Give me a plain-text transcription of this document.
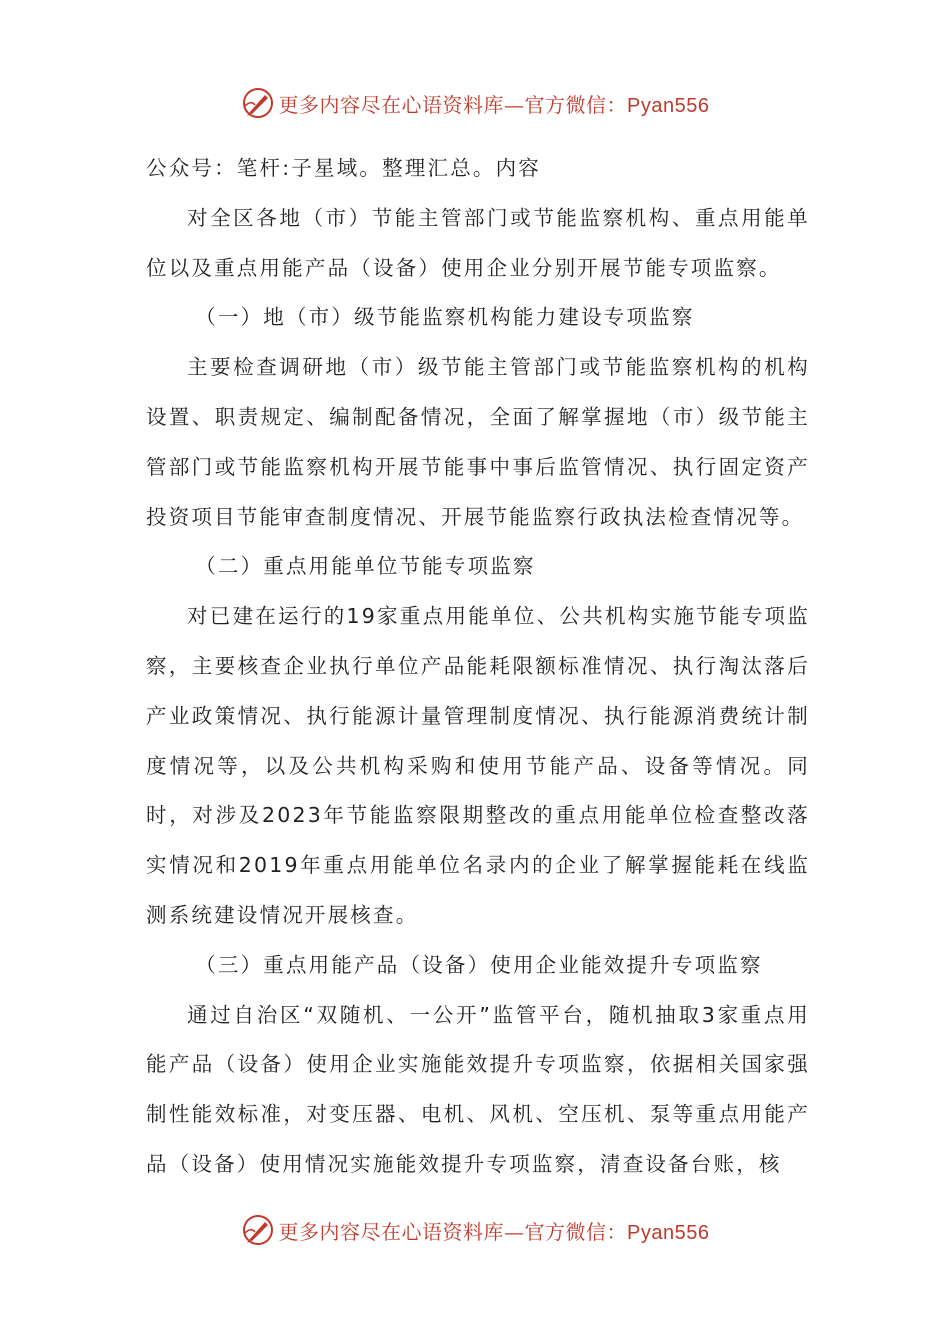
更多内容尽在心语资料库—官方微信：Pyan556

公众号：笔杆:子星域。整理汇总。内容

对全区各地（市）节能主管部门或节能监察机构、重点用能单位以及重点用能产品（设备）使用企业分别开展节能专项监察。

（一）地（市）级节能监察机构能力建设专项监察

主要检查调研地（市）级节能主管部门或节能监察机构的机构设置、职责规定、编制配备情况，全面了解掌握地（市）级节能主管部门或节能监察机构开展节能事中事后监管情况、执行固定资产投资项目节能审查制度情况、开展节能监察行政执法检查情况等。

（二）重点用能单位节能专项监察

对已建在运行的19家重点用能单位、公共机构实施节能专项监察，主要核查企业执行单位产品能耗限额标准情况、执行淘汰落后产业政策情况、执行能源计量管理制度情况、执行能源消费统计制度情况等，以及公共机构采购和使用节能产品、设备等情况。同时，对涉及2023年节能监察限期整改的重点用能单位检查整改落实情况和2019年重点用能单位名录内的企业了解掌握能耗在线监测系统建设情况开展核查。

（三）重点用能产品（设备）使用企业能效提升专项监察

通过自治区“双随机、一公开”监管平台，随机抽取3家重点用能产品（设备）使用企业实施能效提升专项监察，依据相关国家强制性能效标准，对变压器、电机、风机、空压机、泵等重点用能产品（设备）使用情况实施能效提升专项监察，清查设备台账，核

更多内容尽在心语资料库—官方微信：Pyan556
